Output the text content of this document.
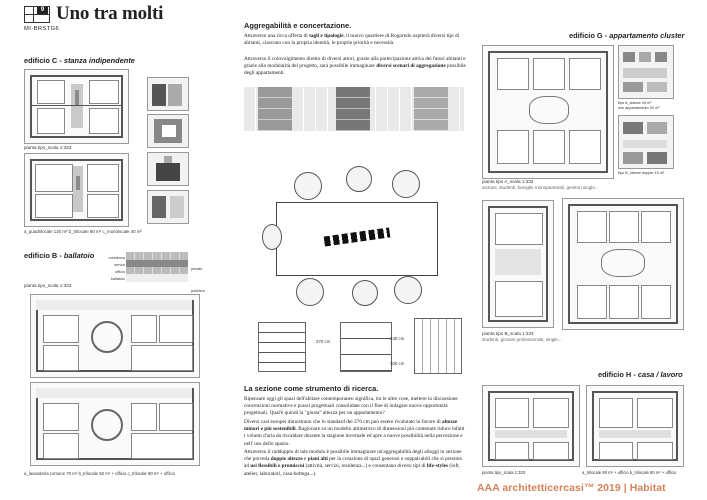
9 Uno tra molti
MI-BRSTG6
edificio C - stanza indipendente
pianta tipo_scala 1:333
a_quadrilocale 120 m² b_trilocale 80 m² c_monolocale 40 m²
edificio B - ballatoio	residenza
servizi
ufficio
ballatoio
privato
pubblico
pianta tipo_scala 1:333
a_lavanderia comune 70 m² b_trilocale 50 m² + ufficio c_trilocale 90 m² + ufficio
Aggregabilità e concertazione.
Attraverso una ricca offerta di tagli e tipologie, il nuovo quartiere di Rogoredo ospiterà diversi tipi di abitanti, ciascuno con la propria identità, le proprie priorità e necessità.
Attraverso il coinvolgimento diretto di diversi attori, grazie alla partecipazione attiva dei futuri abitanti e grazie alla modularità del progetto, sarà possibile immaginare diversi scenari di aggregazione possibile degli appartamenti.
270 cm
240 cm
300 cm
La sezione come strumento di ricerca.
Ripensare oggi gli spazi dell'abitare contemporaneo significa, tra le altre cose, mettere in discussione convenzioni normative e prassi progettuali consolidate con il fine di indagare nuove opportunità progettuali. Qual'è quindi la "giusta" altezza per un appartamento?
Diversi casi europei dimostrano che lo standard dei 270 cm può essere rivalutato in favore di altezze minori e più sostenibili. Ragionare su un modello altimetrico di dimensioni più contenute riduce infatti i volumi d'aria da riscaldare durante la stagione invernale ed apre a nuove possibilità nella percezione e nell' uso dello spazio.
Attraverso il raddoppio di tale modulo è possibile immaginare un'aggregabilità degli alloggi in sezione che preveda doppie altezze e piani alti per la creazione di spazi generosi e soppalcabili che si prestino ad usi flessibili e promiscui (attività, servizi, residenza...) e consentano diversi tipi di life-styles (loft, atelier, laboratori, casa-bottega...).
edificio G - appartamento cluster
tipo A_stanze 15 m²
min appartamento 30 m²
tipo B_stanze doppie 15 m²
pianta tipo A_scala 1:333
anziani, studenti, famiglie monoparentali, genitori single...
pianta tipo B_scala 1:333
studenti, giovani professionisti, single...
edificio H - casa / lavoro
pianta tipo_scala 1:333	a_trilocale 90 m² + ufficio b_trilocale 90 m² + ufficio
AAA architetticercasi™ 2019 | Habitat
